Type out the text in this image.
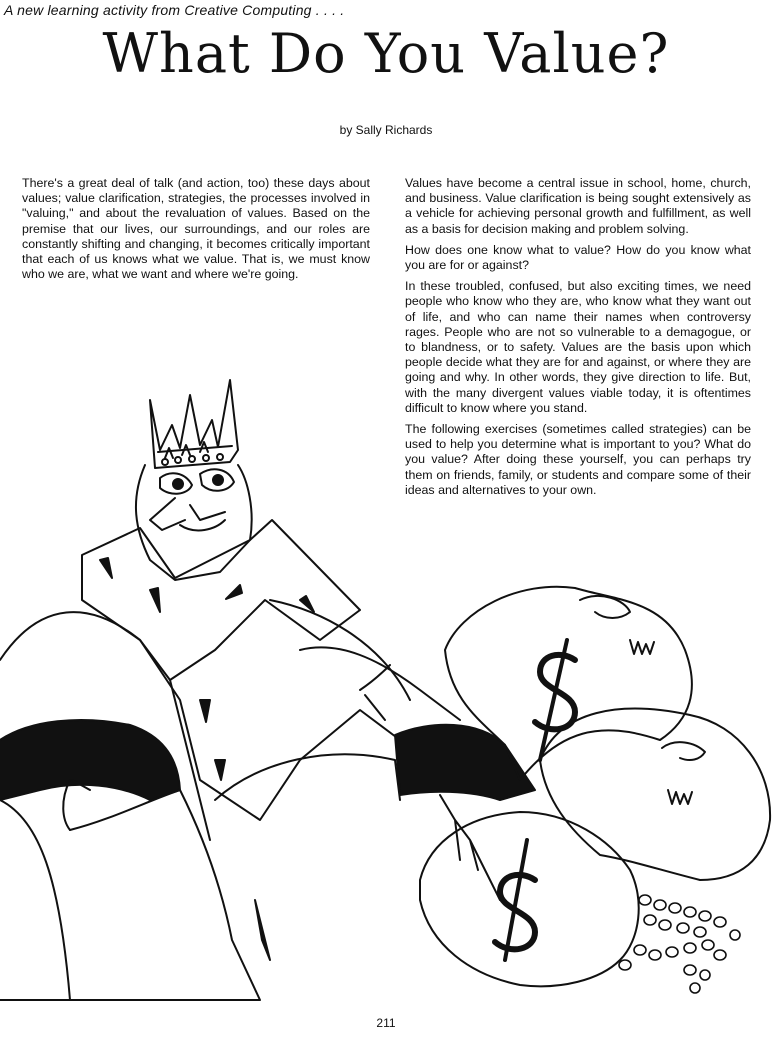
A new learning activity from Creative Computing . . . .
What Do You Value?
by Sally Richards

There's a great deal of talk (and action, too) these days about values; value clarification, strategies, the processes involved in "valuing," and about the revaluation of values. Based on the premise that our lives, our surroundings, and our roles are constantly shifting and changing, it becomes critically important that each of us knows what we value. That is, we must know who we are, what we want and where we're going.

Values have become a central issue in school, home, church, and business. Value clarification is being sought extensively as a vehicle for achieving personal growth and fulfillment, as well as a basis for decision making and problem solving.

How does one know what to value? How do you know what you are for or against?

In these troubled, confused, but also exciting times, we need people who know who they are, who know what they want out of life, and who can name their names when controversy rages. People who are not so vulnerable to a demagogue, or to blandness, or to safety. Values are the basis upon which people decide what they are for and against, or where they are going and why. In other words, they give direction to life. But, with the many divergent values viable today, it is oftentimes difficult to know where you stand.

The following exercises (sometimes called strategies) can be used to help you determine what is important to you? What do you value? After doing these yourself, you can perhaps try them on friends, family, or students and compare some of their ideas and alternatives to your own.

211
